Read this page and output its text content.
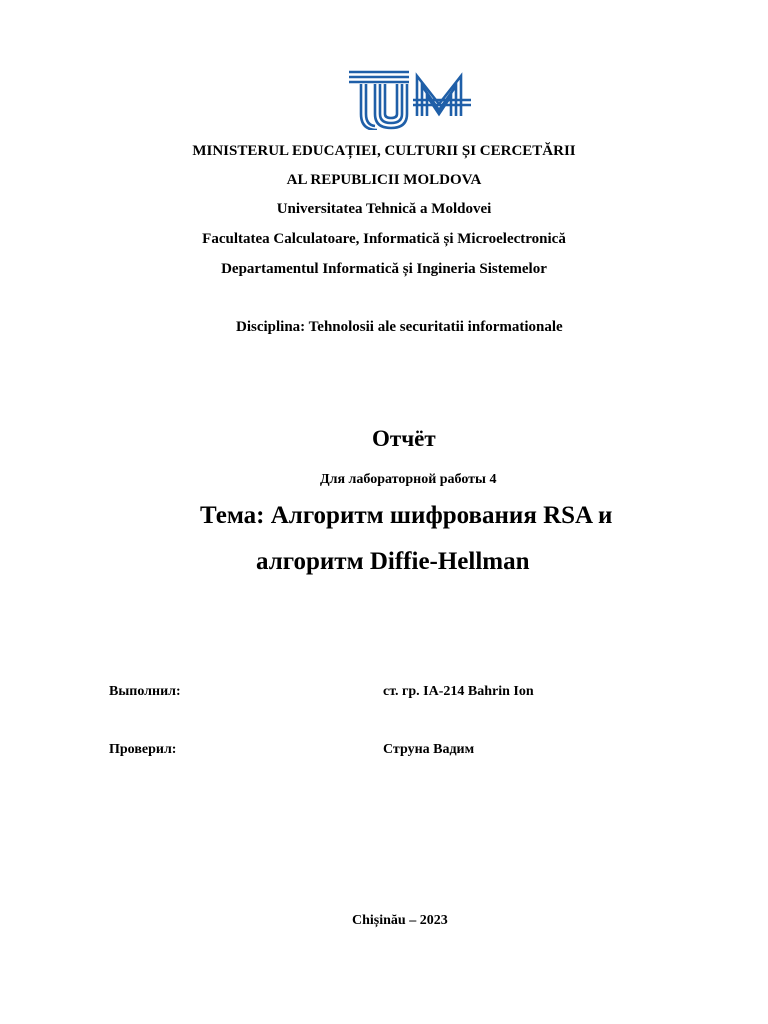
MINISTERUL EDUCAȚIEI, CULTURII ȘI CERCETĂRII
AL REPUBLICII MOLDOVA
Universitatea Tehnică a Moldovei
Facultatea Calculatoare, Informatică și Microelectronică
Departamentul Informatică și Ingineria Sistemelor
Disciplina: Tehnolosii ale securitatii informationale
Отчёт
Для лабораторной работы 4
Тема: Алгоритм шифрования RSA и
алгоритм Diffie-Hellman
Выполнил:	ст. гр. IA-214 Bahrin Ion
Проверил:	Струна Вадим
Chișinău – 2023
